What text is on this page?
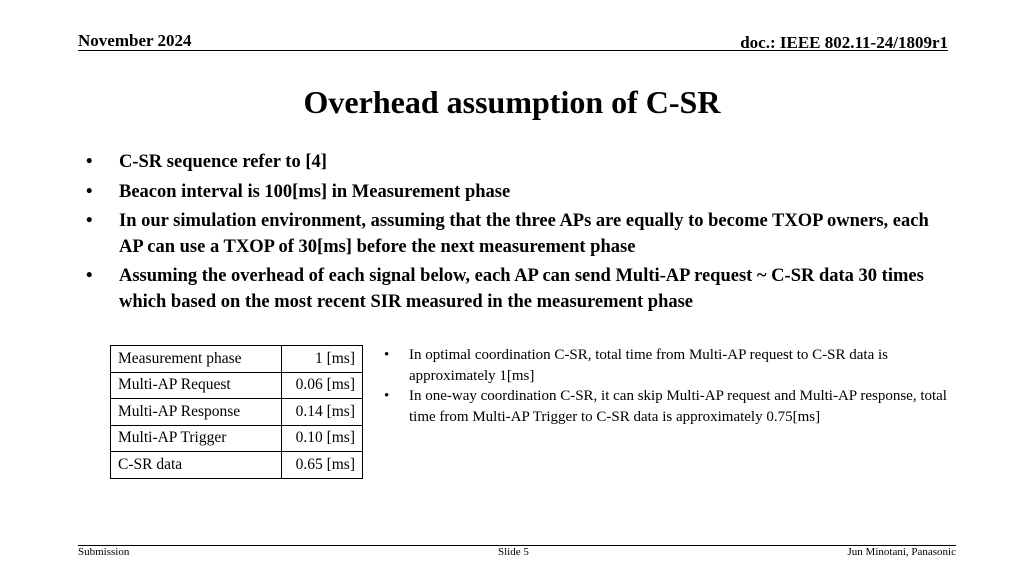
November 2024	doc.: IEEE 802.11-24/1809r1
Overhead assumption of C-SR
• C-SR sequence refer to [4]
• Beacon interval is 100[ms] in Measurement phase
• In our simulation environment, assuming that the three APs are equally to become TXOP owners, each AP can use a TXOP of 30[ms] before the next measurement phase
• Assuming the overhead of each signal below, each AP can send Multi-AP request ~ C-SR data 30 times which based on the most recent SIR measured in the measurement phase
Measurement phase	1 [ms]
Multi-AP Request	0.06 [ms]
Multi-AP Response	0.14 [ms]
Multi-AP Trigger	0.10 [ms]
C-SR data	0.65 [ms]
• In optimal coordination C-SR, total time from Multi-AP request to C-SR data is approximately 1[ms]
• In one-way coordination C-SR, it can skip Multi-AP request and Multi-AP response, total time from Multi-AP Trigger to C-SR data is approximately 0.75[ms]
Submission	Slide 5	Jun Minotani, Panasonic
